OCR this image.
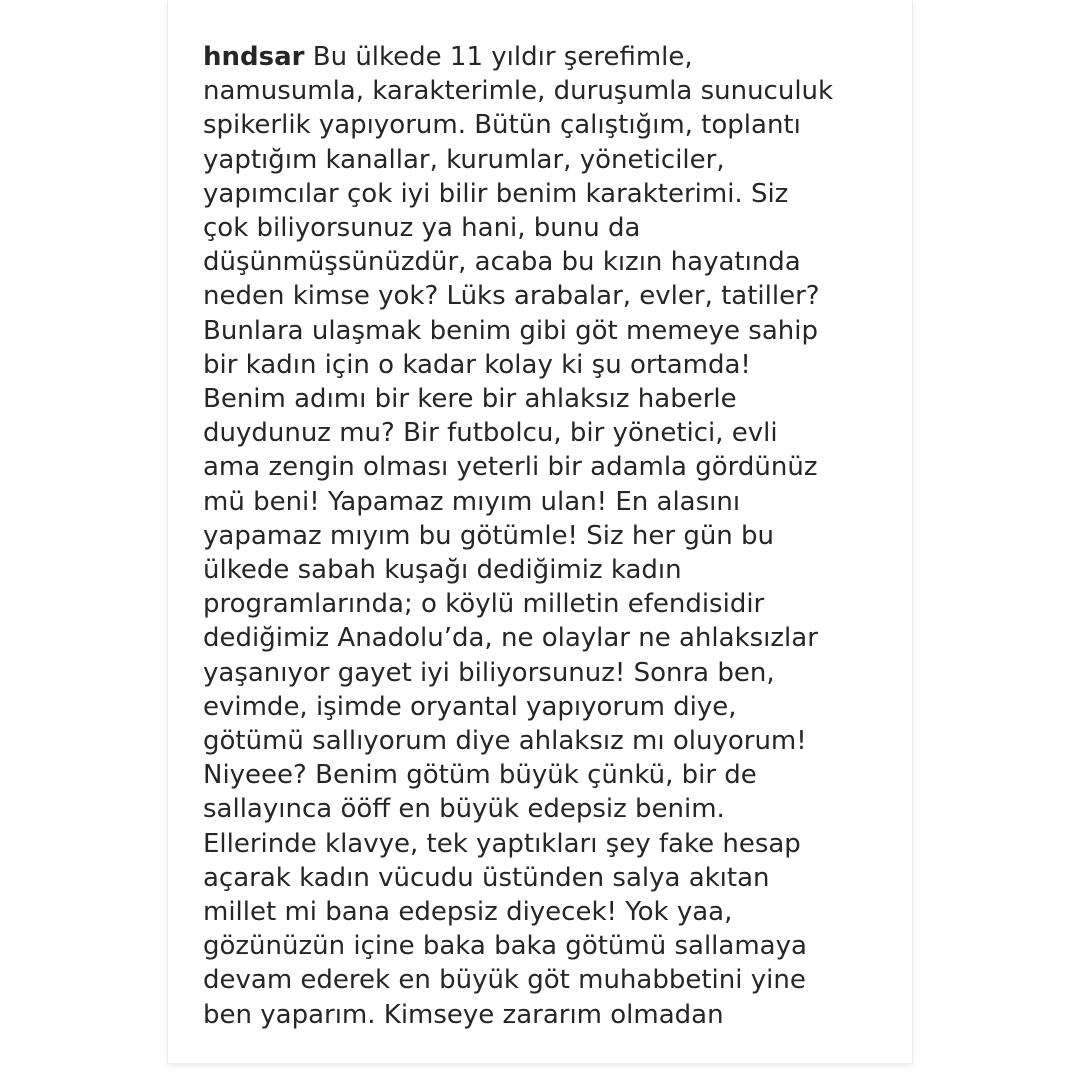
hndsar Bu ülkede 11 yıldır şerefimle,
namusumla, karakterimle, duruşumla sunuculuk
spikerlik yapıyorum. Bütün çalıştığım, toplantı
yaptığım kanallar, kurumlar, yöneticiler,
yapımcılar çok iyi bilir benim karakterimi. Siz
çok biliyorsunuz ya hani, bunu da
düşünmüşsünüzdür, acaba bu kızın hayatında
neden kimse yok? Lüks arabalar, evler, tatiller?
Bunlara ulaşmak benim gibi göt memeye sahip
bir kadın için o kadar kolay ki şu ortamda!
Benim adımı bir kere bir ahlaksız haberle
duydunuz mu? Bir futbolcu, bir yönetici, evli
ama zengin olması yeterli bir adamla gördünüz
mü beni! Yapamaz mıyım ulan! En alasını
yapamaz mıyım bu götümle! Siz her gün bu
ülkede sabah kuşağı dediğimiz kadın
programlarında; o köylü milletin efendisidir
dediğimiz Anadolu’da, ne olaylar ne ahlaksızlar
yaşanıyor gayet iyi biliyorsunuz! Sonra ben,
evimde, işimde oryantal yapıyorum diye,
götümü sallıyorum diye ahlaksız mı oluyorum!
Niyeee? Benim götüm büyük çünkü, bir de
sallayınca ööff en büyük edepsiz benim.
Ellerinde klavye, tek yaptıkları şey fake hesap
açarak kadın vücudu üstünden salya akıtan
millet mi bana edepsiz diyecek! Yok yaa,
gözünüzün içine baka baka götümü sallamaya
devam ederek en büyük göt muhabbetini yine
ben yaparım. Kimseye zararım olmadan
